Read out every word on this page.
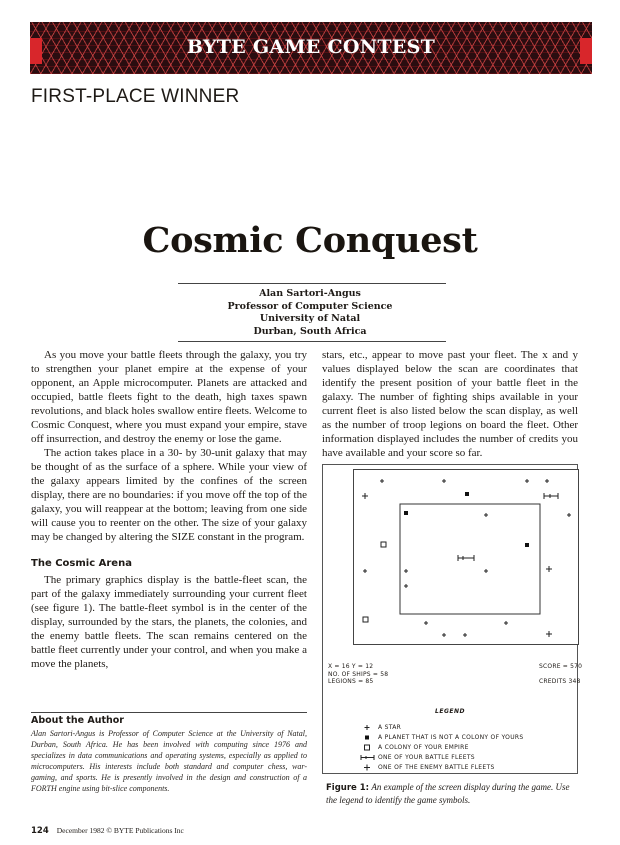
BYTE GAME CONTEST
FIRST-PLACE WINNER
Cosmic Conquest
Alan Sartori-Angus
Professor of Computer Science
University of Natal
Durban, South Africa

As you move your battle fleets through the galaxy, you try to strengthen your planet empire at the expense of your opponent, an Apple microcomputer. Planets are attacked and occupied, battle fleets fight to the death, high taxes spawn revolutions, and black holes swallow entire fleets. Welcome to Cosmic Conquest, where you must expand your empire, stave off insurrection, and destroy the enemy or lose the game.

The action takes place in a 30- by 30-unit galaxy that may be thought of as the surface of a sphere. While your view of the galaxy appears limited by the confines of the screen display, there are no boundaries: if you move off the top of the galaxy, you will reappear at the bottom; leaving from one side will cause you to reenter on the other. The size of your galaxy may be changed by altering the SIZE constant in the program.

The Cosmic Arena

The primary graphics display is the battle-fleet scan, the part of the galaxy immediately surrounding your current fleet (see figure 1). The battle-fleet symbol is in the center of the display, surrounded by the stars, the planets, the colonies, and the enemy battle fleets. The scan remains centered on the battle fleet currently under your control, and when you make a move the planets,

About the Author
Alan Sartori-Angus is Professor of Computer Science at the University of Natal, Durban, South Africa. He has been involved with computing since 1976 and specializes in data communications and operating systems, especially as applied to microcomputers. His interests include both standard and computer chess, war-gaming, and sports. He is presently involved in the design and construction of a FORTH engine using bit-slice components.

stars, etc., appear to move past your fleet. The x and y values displayed below the scan are coordinates that identify the present position of your battle fleet in the galaxy. The number of fighting ships available in your current fleet is also listed below the scan display, as well as the number of troop legions on board the fleet. Other information displayed includes the number of credits you have available and your score so far.

X = 16 Y = 12
NO. OF SHIPS = 58
LEGIONS = 85
SCORE = 570
CREDITS 348
LEGEND
A STAR
A PLANET THAT IS NOT A COLONY OF YOURS
A COLONY OF YOUR EMPIRE
ONE OF YOUR BATTLE FLEETS
ONE OF THE ENEMY BATTLE FLEETS
Figure 1: An example of the screen display during the game. Use the legend to identify the game symbols.
124 December 1982 © BYTE Publications Inc
